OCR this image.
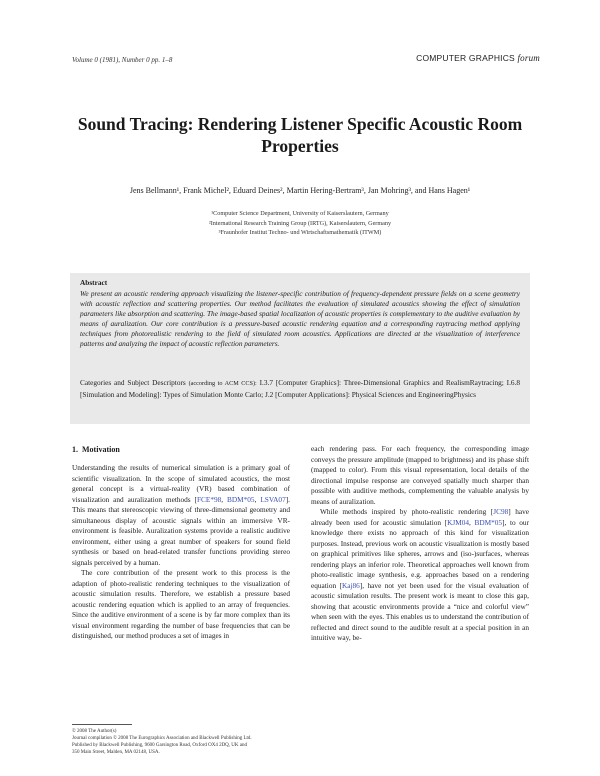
Volume 0 (1981), Number 0 pp. 1–8	COMPUTER GRAPHICS forum
Sound Tracing: Rendering Listener Specific Acoustic Room Properties
Jens Bellmann¹, Frank Michel², Eduard Deines², Martin Hering-Bertram³, Jan Mohring³, and Hans Hagen¹
¹Computer Science Department, University of Kaiserslautern, Germany
²International Research Training Group (IRTG), Kaiserslautern, Germany
³Fraunhofer Institut Techno- und Wirtschaftsmathematik (ITWM)
Abstract
We present an acoustic rendering approach visualizing the listener-specific contribution of frequency-dependent pressure fields on a scene geometry with acoustic reflection and scattering properties. Our method facilitates the evaluation of simulated acoustics showing the effect of simulation parameters like absorption and scattering. The image-based spatial localization of acoustic properties is complementary to the auditive evaluation by means of auralization. Our core contribution is a pressure-based acoustic rendering equation and a corresponding raytracing method applying techniques from photorealistic rendering to the field of simulated room acoustics. Applications are directed at the visualization of interference patterns and analyzing the impact of acoustic reflection parameters.
Categories and Subject Descriptors (according to ACM CCS): I.3.7 [Computer Graphics]: Three-Dimensional Graphics and RealismRaytracing; I.6.8 [Simulation and Modeling]: Types of Simulation Monte Carlo; J.2 [Computer Applications]: Physical Sciences and EngineeringPhysics
1. Motivation

Understanding the results of numerical simulation is a primary goal of scientific visualization. In the scope of simulated acoustics, the most general concept is a virtual-reality (VR) based combination of visualization and auralization methods [FCE*98, BDM*05, LSVA07]. This means that stereoscopic viewing of three-dimensional geometry and simultaneous display of acoustic signals within an immersive VR-environment is feasible. Auralization systems provide a realistic auditive environment, either using a great number of speakers for sound field synthesis or based on head-related transfer functions providing stereo signals perceived by a human.

The core contribution of the present work to this process is the adaption of photo-realistic rendering techniques to the visualization of acoustic simulation results. Therefore, we establish a pressure based acoustic rendering equation which is applied to an array of frequencies. Since the auditive environment of a scene is by far more complex than its visual environment regarding the number of base frequencies that can be distinguished, our method produces a set of images in

each rendering pass. For each frequency, the corresponding image conveys the pressure amplitude (mapped to brightness) and its phase shift (mapped to color). From this visual representation, local details of the directional impulse response are conveyed spatially much sharper than possible with auditive methods, complementing the valuable analysis by means of auralization.

While methods inspired by photo-realistic rendering [JC98] have already been used for acoustic simulation [KJM04, BDM*05], to our knowledge there exists no approach of this kind for visualization purposes. Instead, previous work on acoustic visualization is mostly based on graphical primitives like spheres, arrows and (iso-)surfaces, whereas rendering plays an inferior role. Theoretical approaches well known from photo-realistic image synthesis, e.g. approaches based on a rendering equation [Kaj86], have not yet been used for the visual evaluation of acoustic simulation results. The present work is meant to close this gap, showing that acoustic environments provide a “nice and colorful view” when seen with the eyes. This enables us to understand the contribution of reflected and direct sound to the audible result at a special position in an intuitive way, be-

© 2008 The Author(s)
Journal compilation © 2008 The Eurographics Association and Blackwell Publishing Ltd.
Published by Blackwell Publishing, 9600 Garsington Road, Oxford OX4 2DQ, UK and
350 Main Street, Malden, MA 02148, USA.
